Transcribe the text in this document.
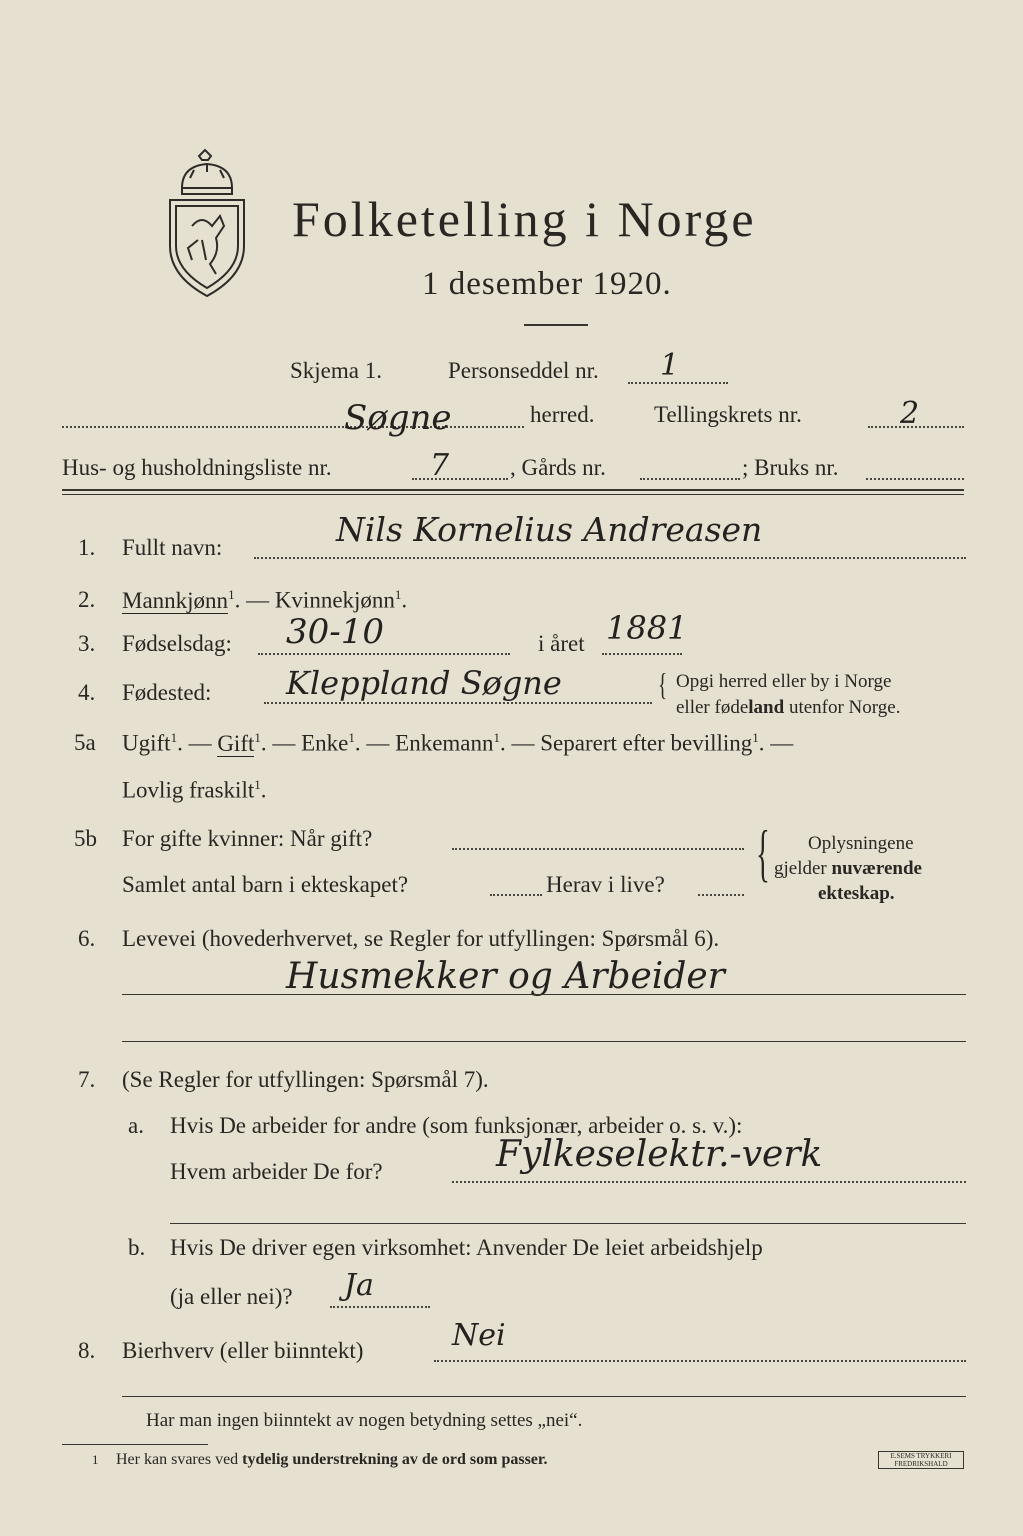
Folketelling i Norge
1 desember 1920.
Skjema 1.	Personseddel nr. 1
Søgne	herred.	Tellingskrets nr.	2
Hus- og husholdningsliste nr.	7	, Gårds nr.	; Bruks nr.
1. Fullt navn:	Nils Kornelius Andreasen
2. Mannkjønn$^1$. — Kvinnekjønn$^1$.
3. Fødselsdag: 30-10	i året 1881
4. Fødested: Kleppland Søgne	{ Opgi herred eller by i Norge
eller fødeland utenfor Norge.
5a Ugift$^1$. — Gift$^1$. — Enke$^1$. — Enkemann$^1$. — Separert efter bevilling$^1$. —
Lovlig fraskilt$^1$.
5b For gifte kvinner: Når gift?
Samlet antal barn i ekteskapet?	Herav i live? { Oplysningene
gjelder nuværende
ekteskap.
6. Levevei (hovederhvervet, se Regler for utfyllingen: Spørsmål 6).
Husmekker og Arbeider
7. (Se Regler for utfyllingen: Spørsmål 7).
a. Hvis De arbeider for andre (som funksjonær, arbeider o. s. v.):
Hvem arbeider De for?	Fylkeselektr.-verk
b. Hvis De driver egen virksomhet: Anvender De leiet arbeidshjelp
(ja eller nei)? Ja
8. Bierhverv (eller biinntekt)	Nei
Har man ingen biinntekt av nogen betydning settes „nei“.
1 Her kan svares ved tydelig understrekning av de ord som passer.	E.SEMS TRYKKERI FREDRIKSHALD
